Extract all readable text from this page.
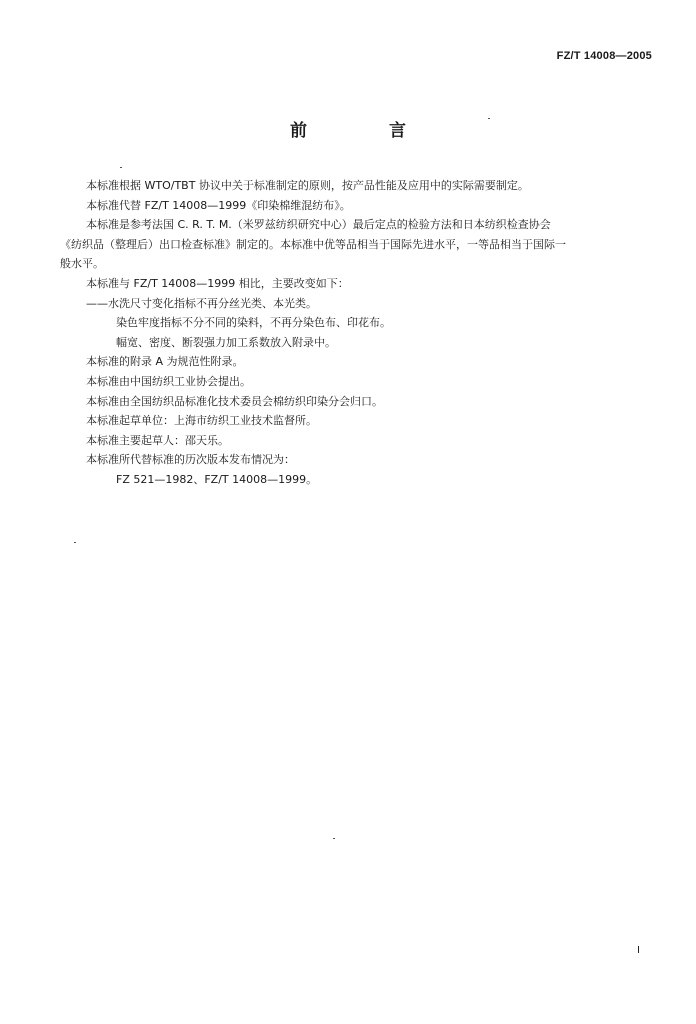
FZ/T 14008—2005
前 言

本标准根据 WTO/TBT 协议中关于标准制定的原则，按产品性能及应用中的实际需要制定。

本标准代替 FZ/T 14008—1999《印染棉维混纺布》。

本标准是参考法国 C. R. T. M.（米罗兹纺织研究中心）最后定点的检验方法和日本纺织检查协会

《纺织品（整理后）出口检查标准》制定的。本标准中优等品相当于国际先进水平，一等品相当于国际一

般水平。

本标准与 FZ/T 14008—1999 相比，主要改变如下：

——水洗尺寸变化指标不再分丝光类、本光类。

染色牢度指标不分不同的染料，不再分染色布、印花布。

幅宽、密度、断裂强力加工系数放入附录中。

本标准的附录 A 为规范性附录。

本标准由中国纺织工业协会提出。

本标准由全国纺织品标准化技术委员会棉纺织印染分会归口。

本标准起草单位：上海市纺织工业技术监督所。

本标准主要起草人：邵天乐。

本标准所代替标准的历次版本发布情况为：

FZ 521—1982、FZ/T 14008—1999。

I
